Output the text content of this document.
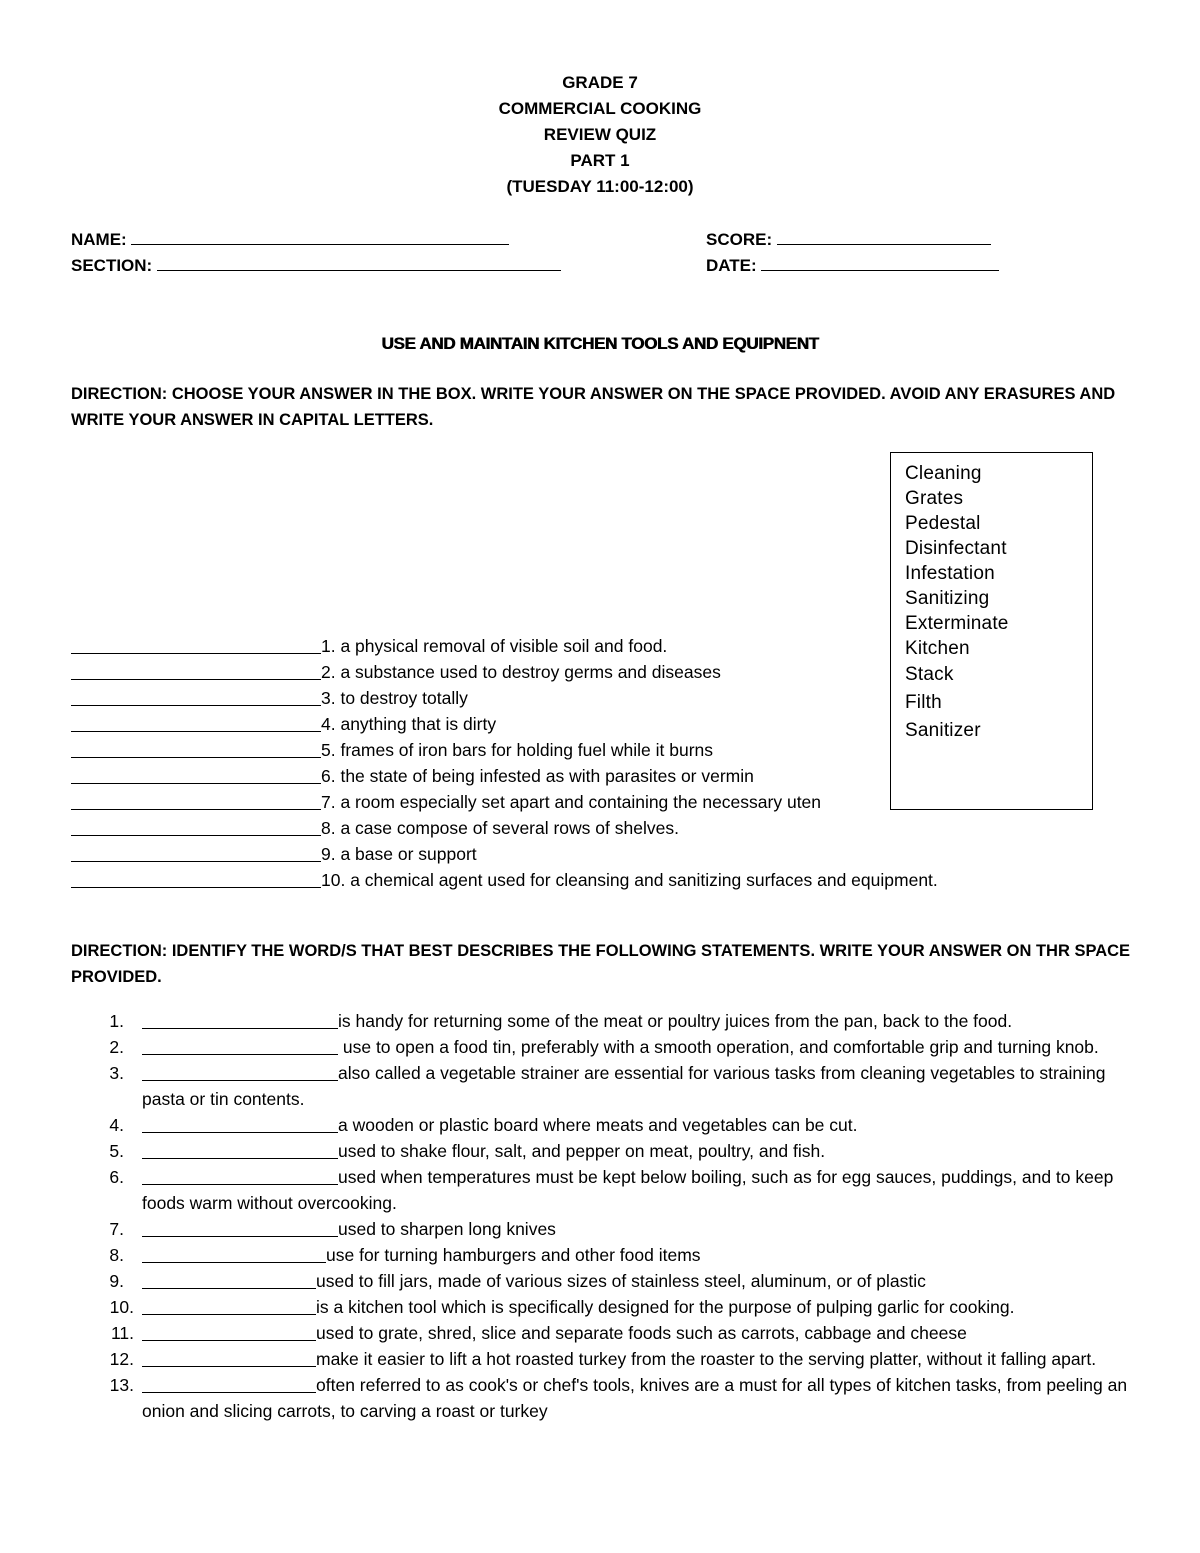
GRADE 7
COMMERCIAL COOKING
REVIEW QUIZ
PART 1
(TUESDAY 11:00-12:00)
NAME:
SECTION:
SCORE:
DATE:
USE AND MAINTAIN KITCHEN TOOLS AND EQUIPNENT
DIRECTION: CHOOSE YOUR ANSWER IN THE BOX. WRITE YOUR ANSWER ON THE SPACE PROVIDED. AVOID ANY ERASURES AND WRITE YOUR ANSWER IN CAPITAL LETTERS.
1. a physical removal of visible soil and food.
2. a substance used to destroy germs and diseases
3. to destroy totally
4. anything that is dirty
5. frames of iron bars for holding fuel while it burns
6. the state of being infested as with parasites or vermin
7. a room especially set apart and containing the necessary uten
8. a case compose of several rows of shelves.
9. a base or support
10. a chemical agent used for cleansing and sanitizing surfaces and equipment.
Cleaning
Grates
Pedestal
Disinfectant
Infestation
Sanitizing
Exterminate
Kitchen
Stack
Filth
Sanitizer
DIRECTION: IDENTIFY THE WORD/S THAT BEST DESCRIBES THE FOLLOWING STATEMENTS. WRITE YOUR ANSWER ON THR SPACE PROVIDED.
1.	is handy for returning some of the meat or poultry juices from the pan, back to the food.
2.	use to open a food tin, preferably with a smooth operation, and comfortable grip and turning knob.
3.	also called a vegetable strainer are essential for various tasks from cleaning vegetables to straining pasta or tin contents.
4.	a wooden or plastic board where meats and vegetables can be cut.
5.	used to shake flour, salt, and pepper on meat, poultry, and fish.
6.	used when temperatures must be kept below boiling, such as for egg sauces, puddings, and to keep foods warm without overcooking.
7.	used to sharpen long knives
8.	use for turning hamburgers and other food items
9.	used to fill jars, made of various sizes of stainless steel, aluminum, or of plastic
10.	is a kitchen tool which is specifically designed for the purpose of pulping garlic for cooking.
11.	used to grate, shred, slice and separate foods such as carrots, cabbage and cheese
12.	make it easier to lift a hot roasted turkey from the roaster to the serving platter, without it falling apart.
13.	often referred to as cook's or chef's tools, knives are a must for all types of kitchen tasks, from peeling an onion and slicing carrots, to carving a roast or turkey
